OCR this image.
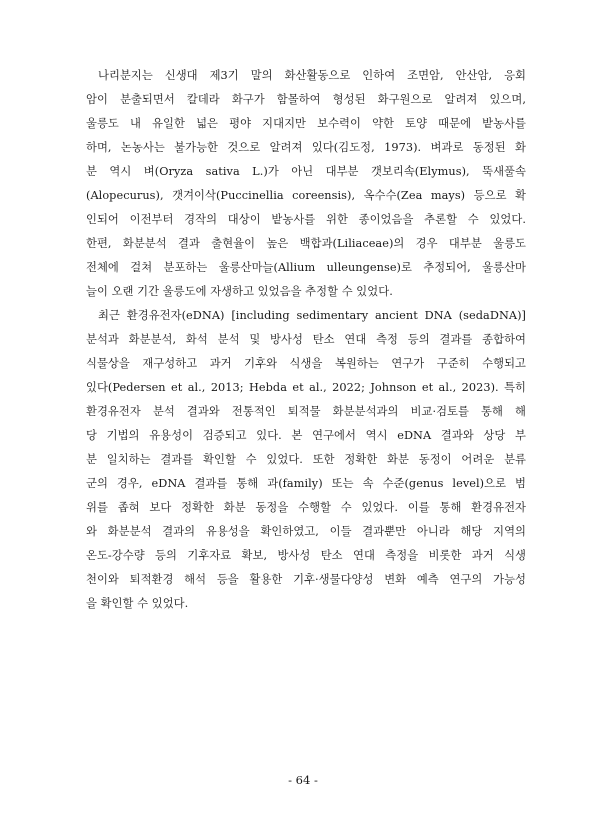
나리분지는 신생대 제3기 말의 화산활동으로 인하여 조면암, 안산암, 응회
암이 분출되면서 칼데라 화구가 함몰하여 형성된 화구원으로 알려져 있으며,
울릉도 내 유일한 넓은 평야 지대지만 보수력이 약한 토양 때문에 밭농사를
하며, 논농사는 불가능한 것으로 알려져 있다(김도정, 1973). 벼과로 동정된 화
분 역시 벼(Oryza sativa L.)가 아닌 대부분 갯보리속(Elymus), 뚝새풀속
(Alopecurus), 갯겨이삭(Puccinellia coreensis), 옥수수(Zea mays) 등으로 확
인되어 이전부터 경작의 대상이 밭농사를 위한 종이었음을 추론할 수 있었다.
한편, 화분분석 결과 출현율이 높은 백합과(Liliaceae)의 경우 대부분 울릉도
전체에 걸쳐 분포하는 울릉산마늘(Allium ulleungense)로 추정되어, 울릉산마
늘이 오랜 기간 울릉도에 자생하고 있었음을 추정할 수 있었다.
최근 환경유전자(eDNA) [including sedimentary ancient DNA (sedaDNA)]
분석과 화분분석, 화석 분석 및 방사성 탄소 연대 측정 등의 결과를 종합하여
식물상을 재구성하고 과거 기후와 식생을 복원하는 연구가 구준히 수행되고
있다(Pedersen et al., 2013; Hebda et al., 2022; Johnson et al., 2023). 특히
환경유전자 분석 결과와 전통적인 퇴적물 화분분석과의 비교·검토를 통해 해
당 기법의 유용성이 검증되고 있다. 본 연구에서 역시 eDNA 결과와 상당 부
분 일치하는 결과를 확인할 수 있었다. 또한 정확한 화분 동정이 어려운 분류
군의 경우, eDNA 결과를 통해 과(family) 또는 속 수준(genus level)으로 범
위를 좁혀 보다 정확한 화분 동정을 수행할 수 있었다. 이를 통해 환경유전자
와 화분분석 결과의 유용성을 확인하였고, 이들 결과뿐만 아니라 해당 지역의
온도-강수량 등의 기후자료 확보, 방사성 탄소 연대 측정을 비롯한 과거 식생
천이와 퇴적환경 해석 등을 활용한 기후·생물다양성 변화 예측 연구의 가능성
을 확인할 수 있었다.
- 64 -
